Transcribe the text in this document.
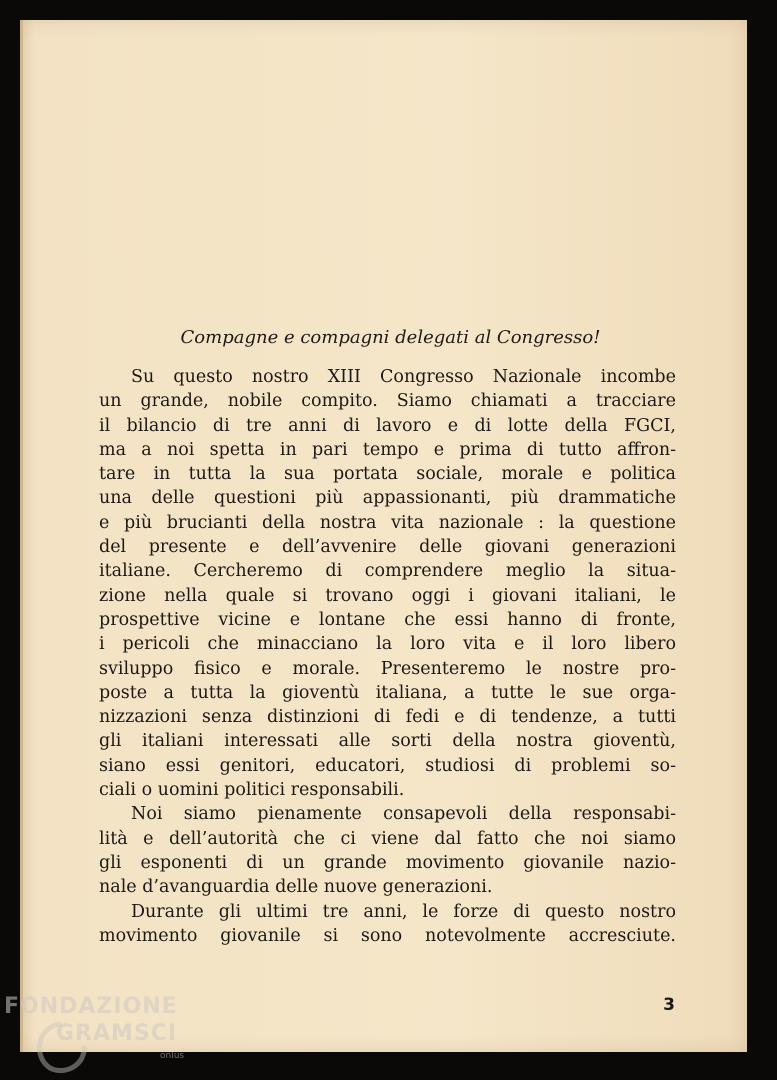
Compagne e compagni delegati al Congresso!
Su questo nostro XIII Congresso Nazionale incombe
un grande, nobile compito. Siamo chiamati a tracciare
il bilancio di tre anni di lavoro e di lotte della FGCI,
ma a noi spetta in pari tempo e prima di tutto affron-
tare in tutta la sua portata sociale, morale e politica
una delle questioni più appassionanti, più drammatiche
e più brucianti della nostra vita nazionale : la questione
del presente e dell’avvenire delle giovani generazioni
italiane. Cercheremo di comprendere meglio la situa-
zione nella quale si trovano oggi i giovani italiani, le
prospettive vicine e lontane che essi hanno di fronte,
i pericoli che minacciano la loro vita e il loro libero
sviluppo fisico e morale. Presenteremo le nostre pro-
poste a tutta la gioventù italiana, a tutte le sue orga-
nizzazioni senza distinzioni di fedi e di tendenze, a tutti
gli italiani interessati alle sorti della nostra gioventù,
siano essi genitori, educatori, studiosi di problemi so-
ciali o uomini politici responsabili.
Noi siamo pienamente consapevoli della responsabi-
lità e dell’autorità che ci viene dal fatto che noi siamo
gli esponenti di un grande movimento giovanile nazio-
nale d’avanguardia delle nuove generazioni.
Durante gli ultimi tre anni, le forze di questo nostro
movimento giovanile si sono notevolmente accresciute.
3
FONDAZIONE
GRAMSCI
onlus
